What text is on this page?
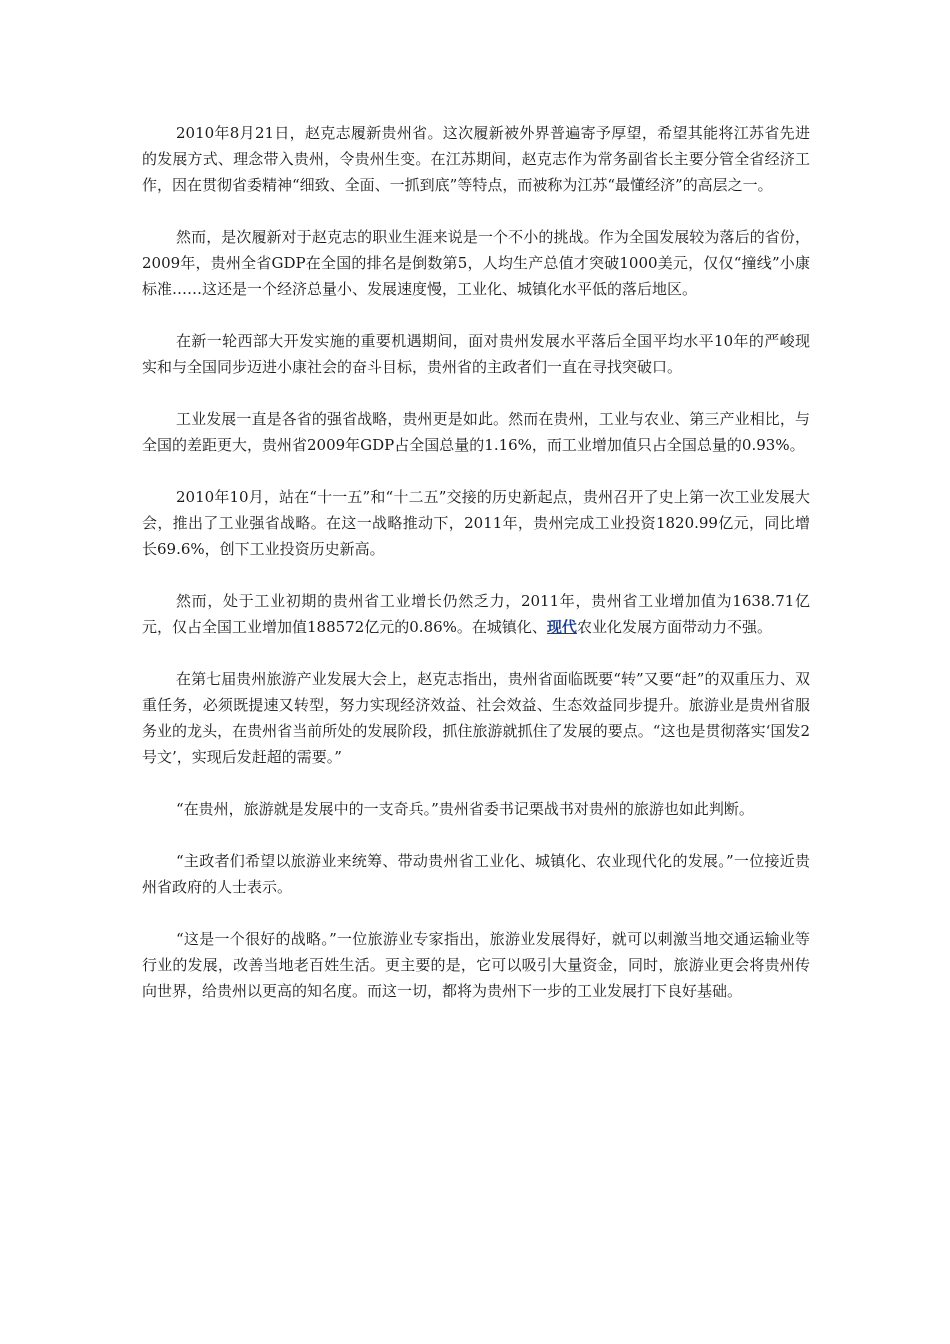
2010年8月21日，赵克志履新贵州省。这次履新被外界普遍寄予厚望，希望其能将江苏省先进的发展方式、理念带入贵州，令贵州生变。在江苏期间，赵克志作为常务副省长主要分管全省经济工作，因在贯彻省委精神“细致、全面、一抓到底”等特点，而被称为江苏“最懂经济”的高层之一。

然而，是次履新对于赵克志的职业生涯来说是一个不小的挑战。作为全国发展较为落后的省份，2009年，贵州全省GDP在全国的排名是倒数第5，人均生产总值才突破1000美元，仅仅“撞线”小康标准……这还是一个经济总量小、发展速度慢，工业化、城镇化水平低的落后地区。

在新一轮西部大开发实施的重要机遇期间，面对贵州发展水平落后全国平均水平10年的严峻现实和与全国同步迈进小康社会的奋斗目标，贵州省的主政者们一直在寻找突破口。

工业发展一直是各省的强省战略，贵州更是如此。然而在贵州，工业与农业、第三产业相比，与全国的差距更大，贵州省2009年GDP占全国总量的1.16%，而工业增加值只占全国总量的0.93%。

2010年10月，站在“十一五”和“十二五”交接的历史新起点，贵州召开了史上第一次工业发展大会，推出了工业强省战略。在这一战略推动下，2011年，贵州完成工业投资1820.99亿元，同比增长69.6%，创下工业投资历史新高。

然而，处于工业初期的贵州省工业增长仍然乏力，2011年，贵州省工业增加值为1638.71亿元，仅占全国工业增加值188572亿元的0.86%。在城镇化、现代农业化发展方面带动力不强。

在第七届贵州旅游产业发展大会上，赵克志指出，贵州省面临既要“转”又要“赶”的双重压力、双重任务，必须既提速又转型，努力实现经济效益、社会效益、生态效益同步提升。旅游业是贵州省服务业的龙头，在贵州省当前所处的发展阶段，抓住旅游就抓住了发展的要点。“这也是贯彻落实‘国发2号文’，实现后发赶超的需要。”

“在贵州，旅游就是发展中的一支奇兵。”贵州省委书记栗战书对贵州的旅游也如此判断。

“主政者们希望以旅游业来统筹、带动贵州省工业化、城镇化、农业现代化的发展。”一位接近贵州省政府的人士表示。

“这是一个很好的战略。”一位旅游业专家指出，旅游业发展得好，就可以刺激当地交通运输业等行业的发展，改善当地老百姓生活。更主要的是，它可以吸引大量资金，同时，旅游业更会将贵州传向世界，给贵州以更高的知名度。而这一切，都将为贵州下一步的工业发展打下良好基础。
